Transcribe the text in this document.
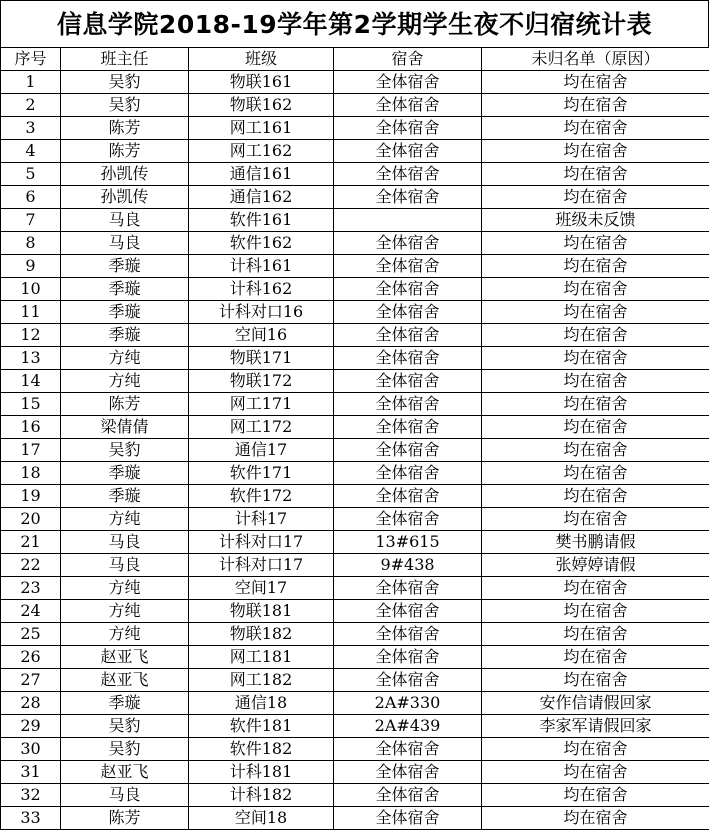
信息学院2018-19学年第2学期学生夜不归宿统计表
序号	班主任	班级	宿舍	未归名单（原因）
1	吴豹	物联161	全体宿舍	均在宿舍
2	吴豹	物联162	全体宿舍	均在宿舍
3	陈芳	网工161	全体宿舍	均在宿舍
4	陈芳	网工162	全体宿舍	均在宿舍
5	孙凯传	通信161	全体宿舍	均在宿舍
6	孙凯传	通信162	全体宿舍	均在宿舍
7	马良	软件161		班级未反馈
8	马良	软件162	全体宿舍	均在宿舍
9	季璇	计科161	全体宿舍	均在宿舍
10	季璇	计科162	全体宿舍	均在宿舍
11	季璇	计科对口16	全体宿舍	均在宿舍
12	季璇	空间16	全体宿舍	均在宿舍
13	方纯	物联171	全体宿舍	均在宿舍
14	方纯	物联172	全体宿舍	均在宿舍
15	陈芳	网工171	全体宿舍	均在宿舍
16	梁倩倩	网工172	全体宿舍	均在宿舍
17	吴豹	通信17	全体宿舍	均在宿舍
18	季璇	软件171	全体宿舍	均在宿舍
19	季璇	软件172	全体宿舍	均在宿舍
20	方纯	计科17	全体宿舍	均在宿舍
21	马良	计科对口17	13#615	樊书鹏请假
22	马良	计科对口17	9#438	张婷婷请假
23	方纯	空间17	全体宿舍	均在宿舍
24	方纯	物联181	全体宿舍	均在宿舍
25	方纯	物联182	全体宿舍	均在宿舍
26	赵亚飞	网工181	全体宿舍	均在宿舍
27	赵亚飞	网工182	全体宿舍	均在宿舍
28	季璇	通信18	2A#330	安作信请假回家
29	吴豹	软件181	2A#439	李家军请假回家
30	吴豹	软件182	全体宿舍	均在宿舍
31	赵亚飞	计科181	全体宿舍	均在宿舍
32	马良	计科182	全体宿舍	均在宿舍
33	陈芳	空间18	全体宿舍	均在宿舍
